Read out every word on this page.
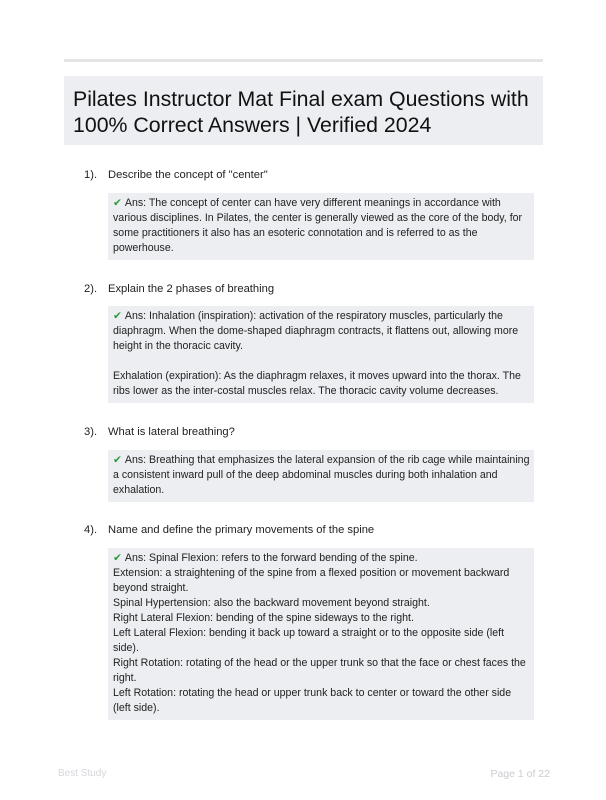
Pilates Instructor Mat Final exam Questions with 100% Correct Answers | Verified 2024
1). Describe the concept of "center"

✔ Ans: The concept of center can have very different meanings in accordance with various disciplines. In Pilates, the center is generally viewed as the core of the body, for some practitioners it also has an esoteric connotation and is referred to as the powerhouse.

2). Explain the 2 phases of breathing

✔ Ans: Inhalation (inspiration): activation of the respiratory muscles, particularly the diaphragm. When the dome-shaped diaphragm contracts, it flattens out, allowing more height in the thoracic cavity.

Exhalation (expiration): As the diaphragm relaxes, it moves upward into the thorax. The ribs lower as the inter-costal muscles relax. The thoracic cavity volume decreases.

3). What is lateral breathing?

✔ Ans: Breathing that emphasizes the lateral expansion of the rib cage while maintaining a consistent inward pull of the deep abdominal muscles during both inhalation and exhalation.

4). Name and define the primary movements of the spine

✔ Ans: Spinal Flexion: refers to the forward bending of the spine.

Extension: a straightening of the spine from a flexed position or movement backward beyond straight.

Spinal Hypertension: also the backward movement beyond straight.

Right Lateral Flexion: bending of the spine sideways to the right.

Left Lateral Flexion: bending it back up toward a straight or to the opposite side (left side).

Right Rotation: rotating of the head or the upper trunk so that the face or chest faces the right.

Left Rotation: rotating the head or upper trunk back to center or toward the other side (left side).

Best Study	Page 1 of 22
